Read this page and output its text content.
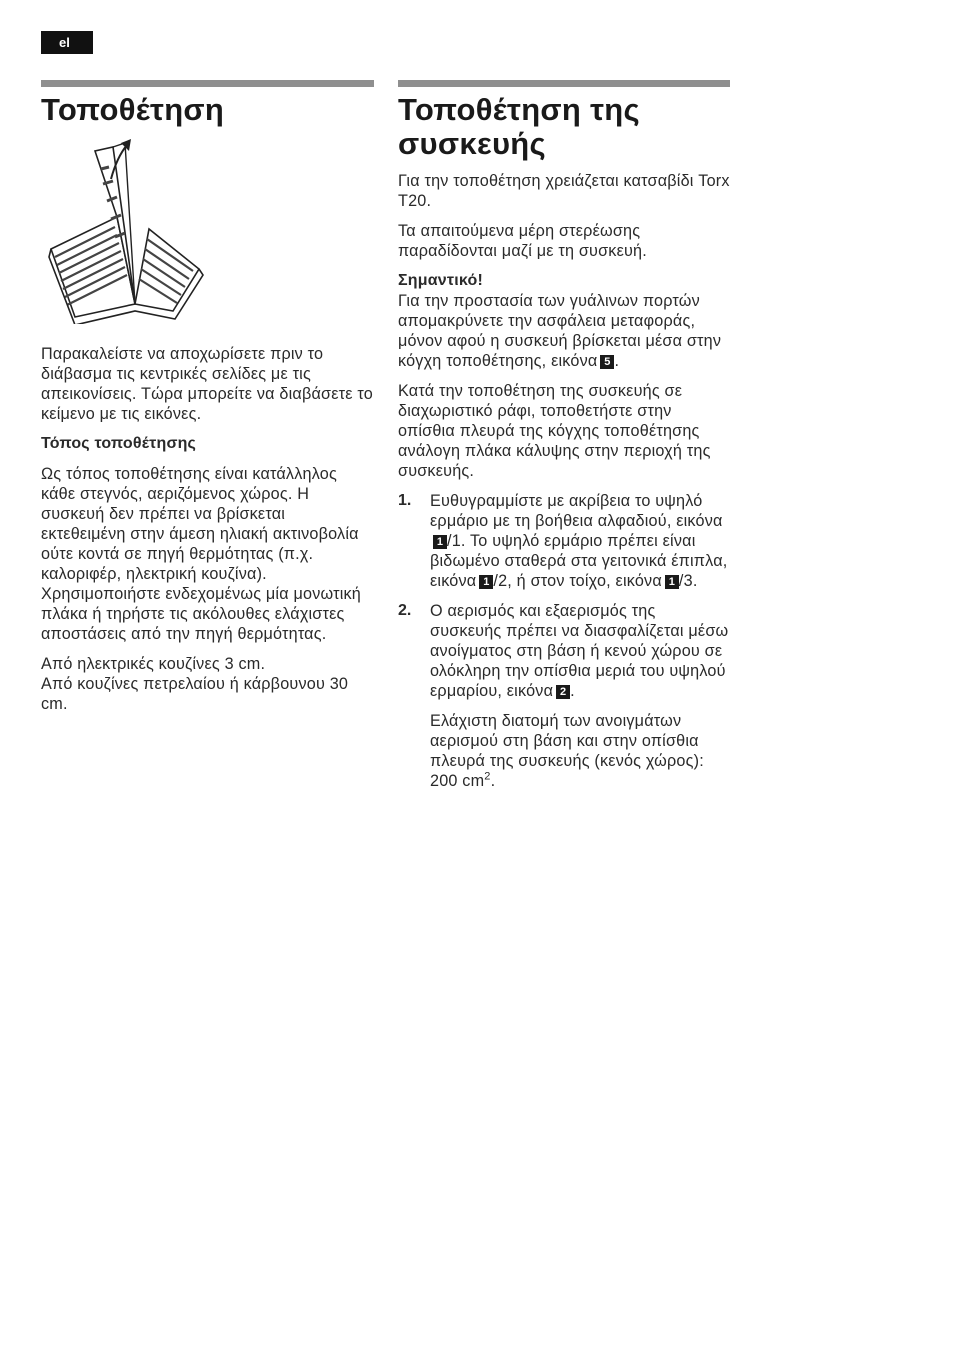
el
Τοποθέτηση

Παρακαλείστε να αποχωρίσετε πριν το διάβασμα τις κεντρικές σελίδες με τις απεικονίσεις. Τώρα μπορείτε να διαβάσετε το κείμενο με τις εικόνες.

Τόπος τοποθέτησης

Ως τόπος τοποθέτησης είναι κατάλληλος κάθε στεγνός, αεριζόμενος χώρος. Η συσκευή δεν πρέπει να βρίσκεται εκτεθειμένη στην άμεση ηλιακή ακτινοβολία ούτε κοντά σε πηγή θερμότητας (π.χ. καλοριφέρ, ηλεκτρική κουζίνα). Χρησιμοποιήστε ενδεχομένως μία μονωτική πλάκα ή τηρήστε τις ακόλουθες ελάχιστες αποστάσεις από την πηγή θερμότητας.

Από ηλεκτρικές κουζίνες 3 cm.

Από κουζίνες πετρελαίου ή κάρβουνου 30 cm.

Τοποθέτηση της συσκευής

Για την τοποθέτηση χρειάζεται κατσαβίδι Torx T20.

Τα απαιτούμενα μέρη στερέωσης παραδίδονται μαζί με τη συσκευή.

Σημαντικό!

Για την προστασία των γυάλινων πορτών απομακρύνετε την ασφάλεια μεταφοράς, μόνον αφού η συσκευή βρίσκεται μέσα στην κόγχη τοποθέτησης, εικόνα 5 .

Κατά την τοποθέτηση της συσκευής σε διαχωριστικό ράφι, τοποθετήστε στην οπίσθια πλευρά της κόγχης τοποθέτησης ανάλογη πλάκα κάλυψης στην περιοχή της συσκευής.

1. Ευθυγραμμίστε με ακρίβεια το υψηλό ερμάριο με τη βοήθεια αλφαδιού, εικόνα1 /1. Το υψηλό ερμάριο πρέπει είναι βιδωμένο σταθερά στα γειτονικά έπιπλα, εικόνα 1 /2, ή στον τοίχο, εικόνα 1 /3.

2. Ο αερισμός και εξαερισμός της συσκευής πρέπει να διασφαλίζεται μέσω ανοίγματος στη βάση ή κενού χώρου σε ολόκληρη την οπίσθια μεριά του υψηλού ερμαρίου, εικόνα 2 .

Ελάχιστη διατομή των ανοιγμάτων αερισμού στη βάση και στην οπίσθια πλευρά της συσκευής (κενός χώρος): 200 $cm^2$.
